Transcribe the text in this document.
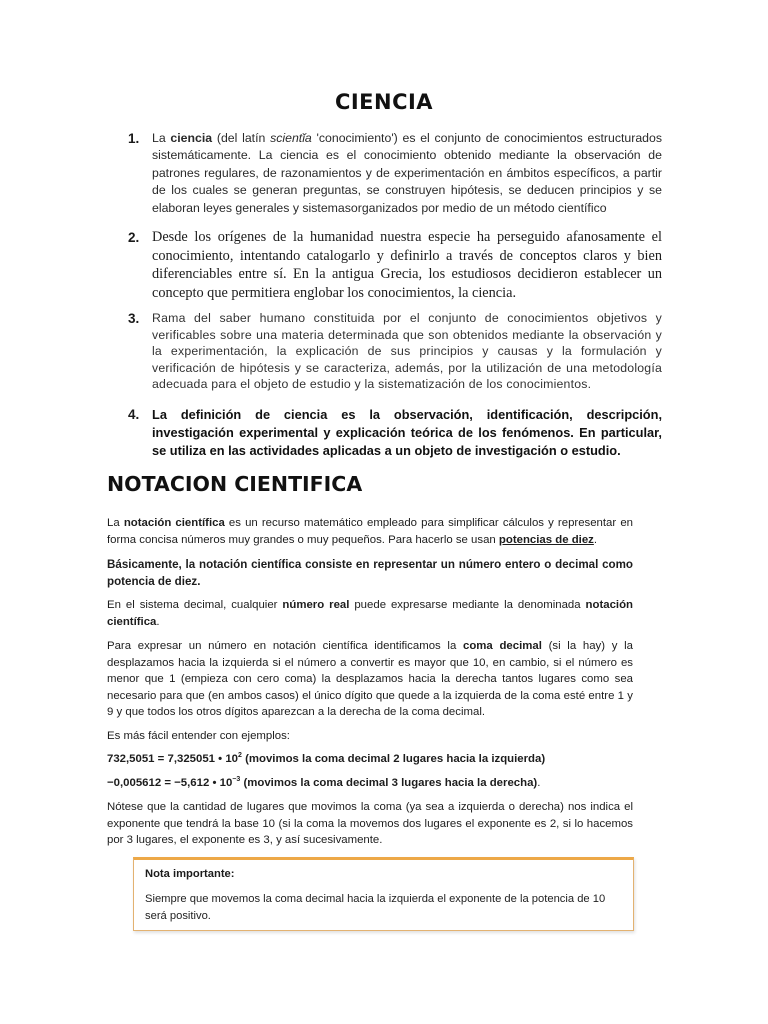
CIENCIA
1. La ciencia (del latín scientĭa 'conocimiento') es el conjunto de conocimientos estructurados sistemáticamente. La ciencia es el conocimiento obtenido mediante la observación de patrones regulares, de razonamientos y de experimentación en ámbitos específicos, a partir de los cuales se generan preguntas, se construyen hipótesis, se deducen principios y se elaboran leyes generales y sistemasorganizados por medio de un método científico
2. Desde los orígenes de la humanidad nuestra especie ha perseguido afanosamente el conocimiento, intentando catalogarlo y definirlo a través de conceptos claros y bien diferenciables entre sí. En la antigua Grecia, los estudiosos decidieron establecer un concepto que permitiera englobar los conocimientos, la ciencia.
3. Rama del saber humano constituida por el conjunto de conocimientos objetivos y verificables sobre una materia determinada que son obtenidos mediante la observación y la experimentación, la explicación de sus principios y causas y la formulación y verificación de hipótesis y se caracteriza, además, por la utilización de una metodología adecuada para el objeto de estudio y la sistematización de los conocimientos.
4. La definición de ciencia es la observación, identificación, descripción, investigación experimental y explicación teórica de los fenómenos. En particular, se utiliza en las actividades aplicadas a un objeto de investigación o estudio.
NOTACION CIENTIFICA
La notación científica es un recurso matemático empleado para simplificar cálculos y representar en forma concisa números muy grandes o muy pequeños. Para hacerlo se usan potencias de diez.
Básicamente, la notación científica consiste en representar un número entero o decimal como potencia de diez.
En el sistema decimal, cualquier número real puede expresarse mediante la denominada notación científica.
Para expresar un número en notación científica identificamos la coma decimal (si la hay) y la desplazamos hacia la izquierda si el número a convertir es mayor que 10, en cambio, si el número es menor que 1 (empieza con cero coma) la desplazamos hacia la derecha tantos lugares como sea necesario para que (en ambos casos) el único dígito que quede a la izquierda de la coma esté entre 1 y 9 y que todos los otros dígitos aparezcan a la derecha de la coma decimal.
Es más fácil entender con ejemplos:
732,5051 = 7,325051 • $10^2$ (movimos la coma decimal 2 lugares hacia la izquierda)
−0,005612 = −5,612 • $10^{-3}$ (movimos la coma decimal 3 lugares hacia la derecha).
Nótese que la cantidad de lugares que movimos la coma (ya sea a izquierda o derecha) nos indica el exponente que tendrá la base 10 (si la coma la movemos dos lugares el exponente es 2, si lo hacemos por 3 lugares, el exponente es 3, y así sucesivamente.
Nota importante:
Siempre que movemos la coma decimal hacia la izquierda el exponente de la potencia de 10 será positivo.
